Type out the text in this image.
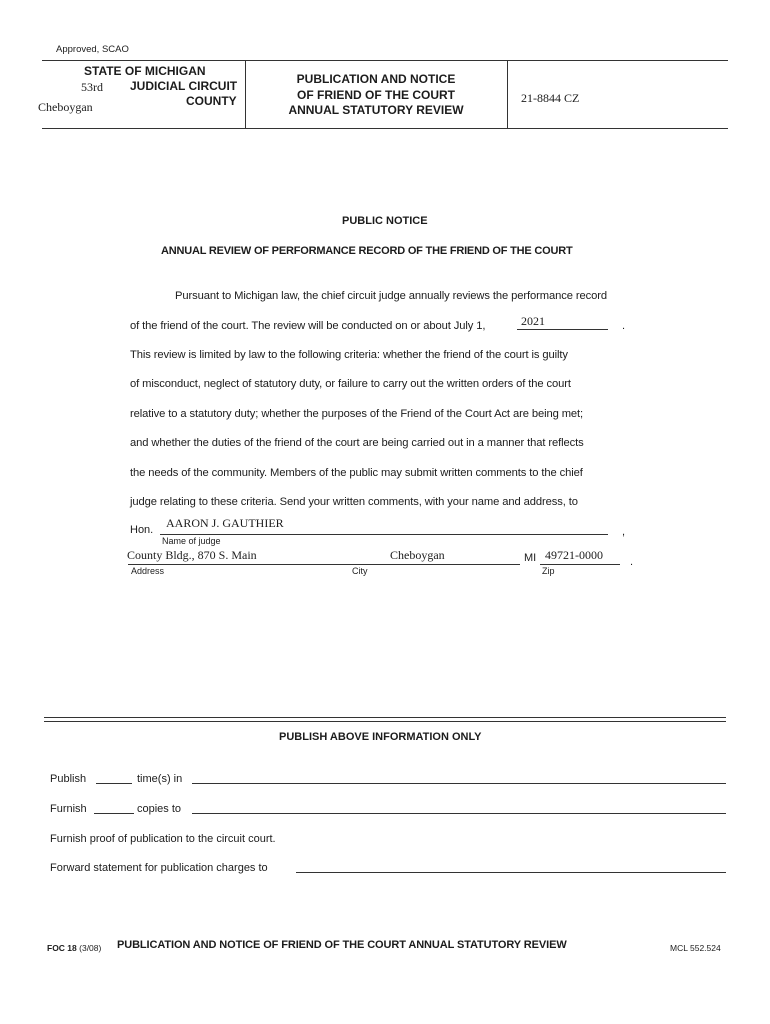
Approved, SCAO
STATE OF MICHIGAN
53rd JUDICIAL CIRCUIT
Cheboygan	COUNTY
PUBLICATION AND NOTICE
OF FRIEND OF THE COURT
ANNUAL STATUTORY REVIEW
21-8844 CZ
PUBLIC NOTICE
ANNUAL REVIEW OF PERFORMANCE RECORD OF THE FRIEND OF THE COURT
Pursuant to Michigan law, the chief circuit judge annually reviews the performance record
of the friend of the court. The review will be conducted on or about July 1,	2021	.
This review is limited by law to the following criteria: whether the friend of the court is guilty
of misconduct, neglect of statutory duty, or failure to carry out the written orders of the court
relative to a statutory duty; whether the purposes of the Friend of the Court Act are being met;
and whether the duties of the friend of the court are being carried out in a manner that reflects
the needs of the community. Members of the public may submit written comments to the chief
judge relating to these criteria. Send your written comments, with your name and address, to
AARON J. GAUTHIER
Hon.	,
Name of judge
County Bldg., 870 S. Main	Cheboygan	MI 49721-0000 .
Address	City	Zip
PUBLISH ABOVE INFORMATION ONLY
Publish	time(s) in
Furnish	copies to
Furnish proof of publication to the circuit court.
Forward statement for publication charges to
FOC 18 (3/08) PUBLICATION AND NOTICE OF FRIEND OF THE COURT ANNUAL STATUTORY REVIEW	MCL 552.524
